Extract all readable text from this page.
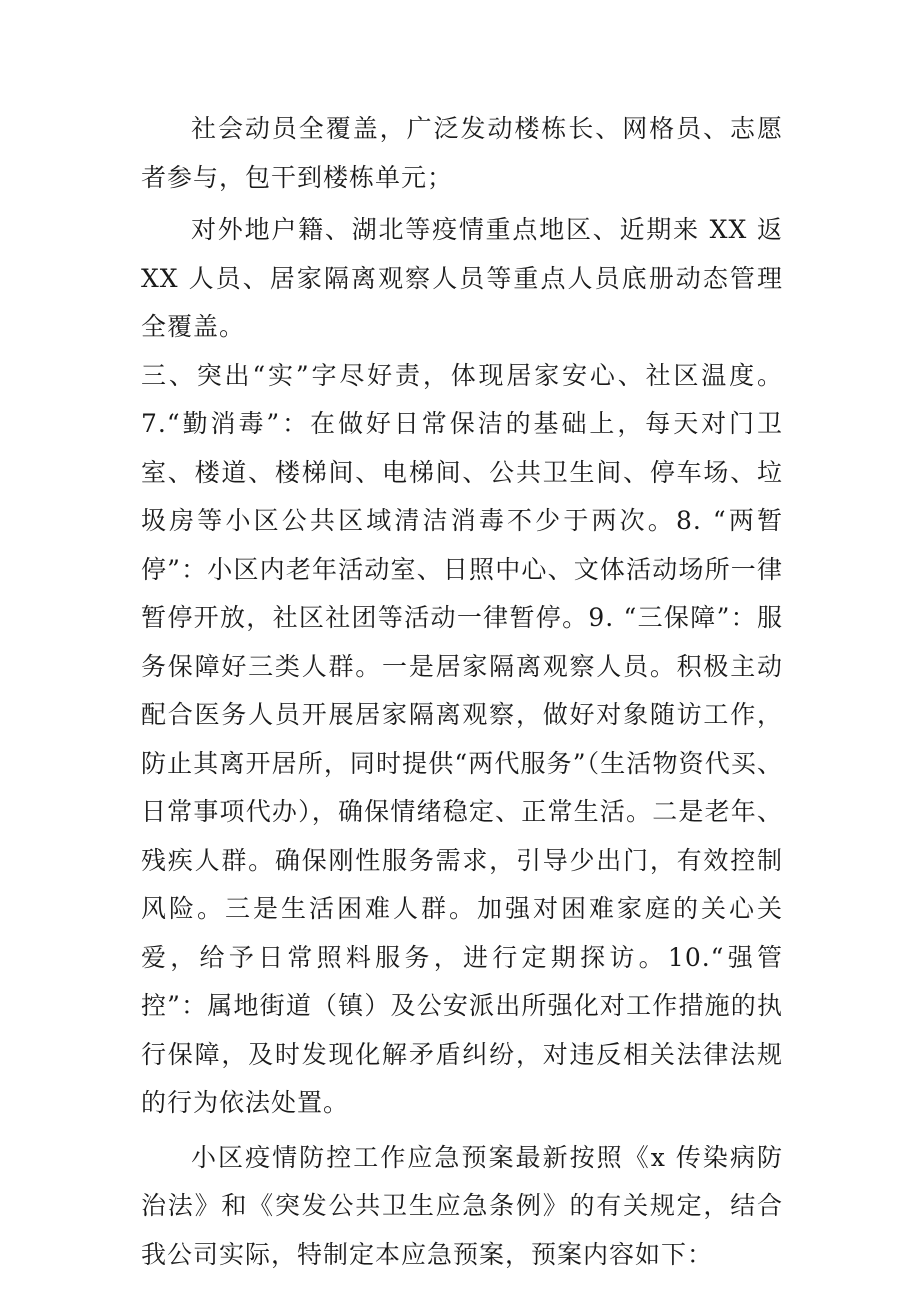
社会动员全覆盖，广泛发动楼栋长、网格员、志愿者参与，包干到楼栋单元；

对外地户籍、湖北等疫情重点地区、近期来 XX 返 XX 人员、居家隔离观察人员等重点人员底册动态管理全覆盖。

三、突出“实”字尽好责，体现居家安心、社区温度。7.“勤消毒”：在做好日常保洁的基础上，每天对门卫室、楼道、楼梯间、电梯间、公共卫生间、停车场、垃圾房等小区公共区域清洁消毒不少于两次。8. “两暂停”：小区内老年活动室、日照中心、文体活动场所一律暂停开放，社区社团等活动一律暂停。9. “三保障”：服务保障好三类人群。一是居家隔离观察人员。积极主动配合医务人员开展居家隔离观察，做好对象随访工作，防止其离开居所，同时提供“两代服务”（生活物资代买、日常事项代办），确保情绪稳定、正常生活。二是老年、残疾人群。确保刚性服务需求，引导少出门，有效控制风险。三是生活困难人群。加强对困难家庭的关心关爱，给予日常照料服务，进行定期探访。10.“强管控”：属地街道（镇）及公安派出所强化对工作措施的执行保障，及时发现化解矛盾纠纷，对违反相关法律法规的行为依法处置。

小区疫情防控工作应急预案最新按照《x 传染病防治法》和《突发公共卫生应急条例》的有关规定，结合我公司实际，特制定本应急预案，预案内容如下：
